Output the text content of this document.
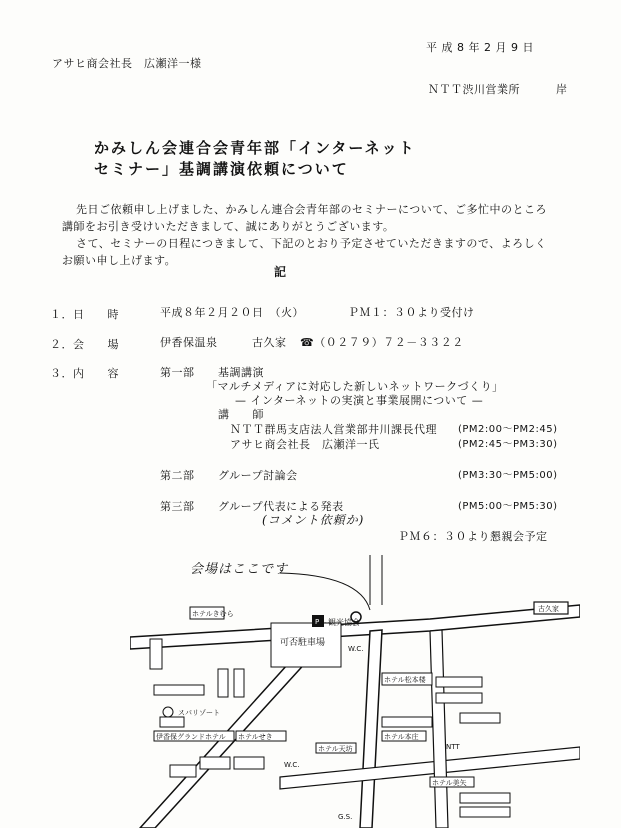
平 成 8 年 2 月 9 日
アサヒ商会社長　広瀬洋一様
ＮＴＴ渋川営業所	岸
かみしん会連合会青年部「インターネット
セミナー」基調講演依頼について
先日ご依頼申し上げました、かみしん連合会青年部のセミナーについて、ご多忙中のところ
講師をお引き受けいただきまして、誠にありがとうございます。
さて、セミナーの日程につきまして、下記のとおり予定させていただきますので、よろしく
お願い申し上げます。
記
１．日　　時	平成８年２月２０日　（火）	ＰＭ１：３０より受付け
２．会　　場	伊香保温泉　　　古久家 ☎（０２７９）７２－３３２２
３．内　　容	第一部 基調講演
「マルチメディアに対応した新しいネットワークづくり」
— インターネットの実演と事業展開について —
講　　師
ＮＴＴ群馬支店法人営業部井川課長代理 (PM2:00～PM2:45)
アサヒ商会社長　広瀬洋一氏	(PM2:45～PM3:30)
第二部 グループ討論会	(PM3:30～PM5:00)
第三部 グループ代表による発表	(PM5:00～PM5:30)
(コメント依頼か)
ＰＭ６：３０より懇親会予定
会場はここです
古久家
P
可否駐車場
観光協会
W.C.
W.C.
G.S.
NTT
ホテルきむら
スパリゾート
伊香保グランドホテル ホテルせき
ホテル松本楼
ホテル本庄
ホテル天坊
ホテル美矢
